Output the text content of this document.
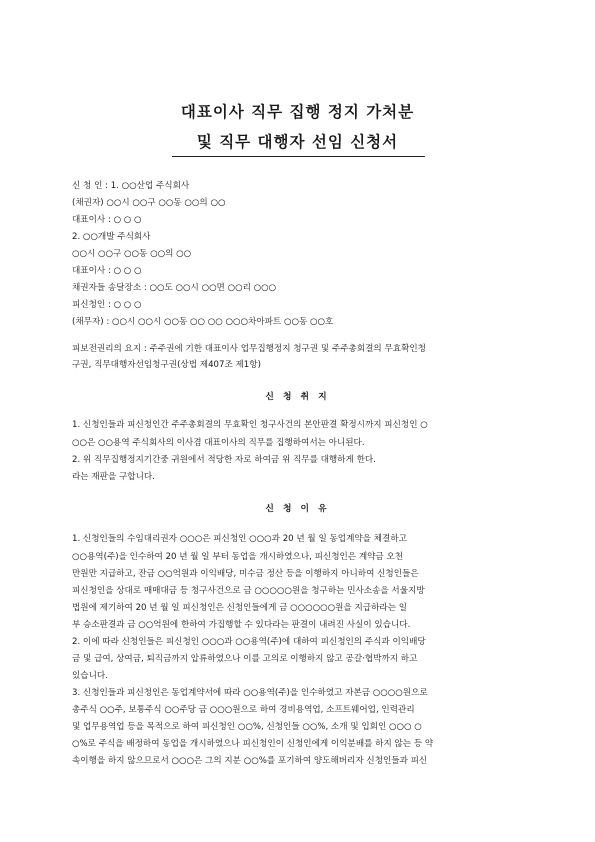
대표이사 직무 집행 정지 가처분
및 직무 대행자 선임 신청서
신 청 인 : 1. ○○산업 주식회사
(채권자) ○○시 ○○구 ○○동 ○○의 ○○
대표이사 : ○ ○ ○
2. ○○개발 주식회사
○○시 ○○구 ○○동 ○○의 ○○
대표이사 : ○ ○ ○
채권자들 송달장소 : ○○도 ○○시 ○○면 ○○리 ○○○
피신청인 : ○ ○ ○
(채무자) : ○○시 ○○시 ○○동 ○○ ○○ ○○○차아파트 ○○동 ○○호
피보전권리의 요지 : 주주권에 기한 대표이사 업무집행정지 청구권 및 주주총회결의 무효확인청
구권, 직무대행자선임청구권(상법 제407조 제1항)
신 청 취 지
1. 신청인들과 피신청인간 주주총회결의 무효확인 청구사건의 본안판결 확정시까지 피신청인 ○
○○은 ○○용역 주식회사의 이사겸 대표이사의 직무를 집행하여서는 아니된다.
2. 위 직무집행정지기간중 귀원에서 적당한 자로 하여금 위 직무를 대행하게 한다.
라는 재판을 구합니다.
신 청 이 유
1. 신청인들의 수임대리권자 ○○○은 피신청인 ○○○과 20 년 월 일 동업계약을 체결하고
○○용역(주)을 인수하여 20 년 월 일 부터 동업을 개시하였으나, 피신청인은 계약금 오천
만원만 지급하고, 잔금 ○○억원과 이익배당, 미수금 정산 등을 이행하지 아니하여 신청인들은
피신청인을 상대로 매매대금 등 청구사건으로 금 ○○○○○원을 청구하는 민사소송을 서울지방
법원에 제기하여 20 년 월 일 피신청인은 신청인들에게 금 ○○○○○○원을 지급하라는 일
부 승소판결과 금 ○○억원에 한하여 가집행할 수 있다라는 판결이 내려진 사실이 있습니다.
2. 이에 따라 신청인들은 피신청인 ○○○과 ○○용역(주)에 대하여 피신청인의 주식과 이익배당
금 및 급여, 상여금, 퇴직금까지 압류하였으나 이를 고의로 이행하지 않고 공갈·협박까지 하고
있습니다.
3. 신청인들과 피신청인은 동업계약서에 따라 ○○용역(주)을 인수하였고 자본금 ○○○○원으로
총주식 ○○주, 보통주식 ○○주당 금 ○○○원으로 하여 경비용역업, 소프트웨어업, 인력관리
및 업무용역업 등을 목적으로 하여 피신청인 ○○%, 신청인들 ○○%, 소개 및 입회인 ○○○ ○
○%로 주식을 배정하여 동업을 개시하였으나 피신청인이 신청인에게 이익분배를 하지 않는 등 약
속이행을 하지 않으므로서 ○○○은 그의 지분 ○○%를 포기하여 양도해버리자 신청인들과 피신
